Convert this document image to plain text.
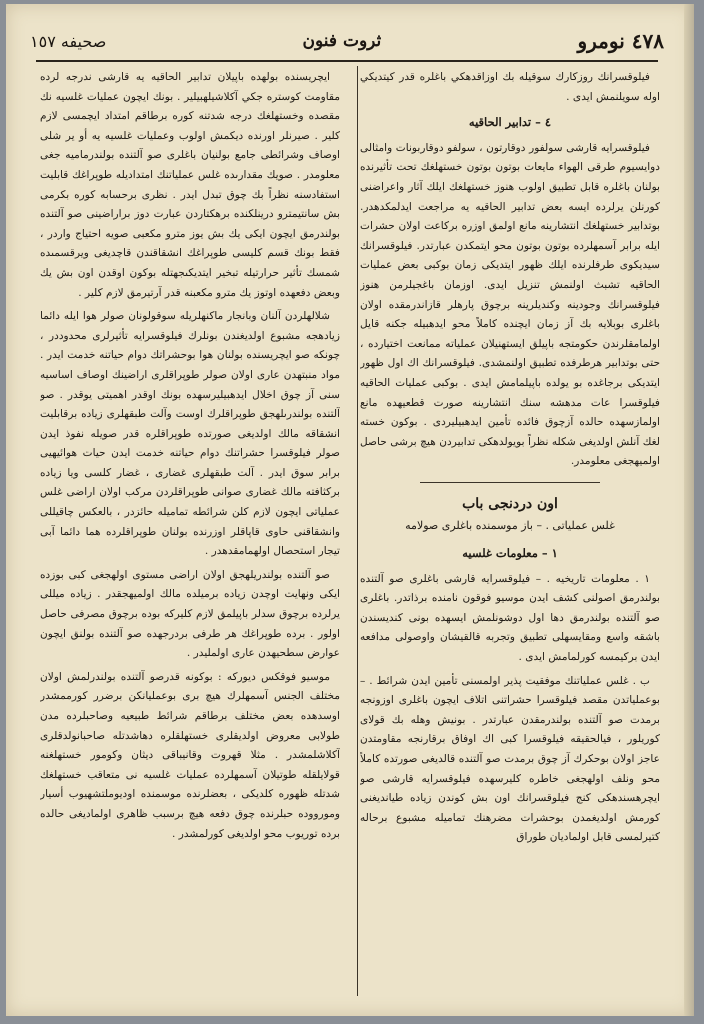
٤٧٨ نومرو
ثروت فنون
صحيفه ١٥٧

فيلوقسرانك روزكارك سوقيله بك اوزاقدهكي باغلره قدر كيتديكي اوله سويلنمش ايدى .

٤ – تدابير الحاقيه

فيلوقسرايه قارشى سولفور دوقارتون ، سولفو دوقاربونات وامثالى دوايسيوم طرقى الهواء مايعات بوتون بوتون خستهلغك تحت تأثيرنده بولنان باغلره قابل تطبيق اولوب هنوز خستهلغك ايلك آثار واعراضنى كورنلن يرلرده ايسه بعض تدابير الحاقيه يه مراجعت ايدلمكدهدر. بوتدابير خستهلغك انتشارينه مانع اولمق اوزره بركاعت اولان حشرات ايله برابر آسمهلرده بوتون بوتون محو ايتمكدن عبارتدر. فيلوقسرانك سيديكوى طرفلرنده ايلك ظهور ايتديكى زمان بوكبى بعض عمليات الحاقيه تشبث اولنمش تنزيل ايدى. اوزمان باغجيلرمن هنوز فيلوقسرانك وجودينه وكنديلرينه برچوق پارهلر قازاندرمقده اولان باغلرى بوبلايه بك آز زمان ايچنده كاملاً محو ايدهبيله جكنه قايل اولمامقلرندن حكومتجه باپيلق ايستهنيلان عملياته ممانعت اختيارده ، حتى بوتدابير هرطرفده تطبيق اولنمشدى. فيلوقسرانك اك اول ظهور ايتديكى برجاغده بو يولده باپيلمامش ايدى . بوكبى عمليات الحاقيه فيلوقسرا عات مدهشه سنك انتشارينه صورت قطعيهده مانع اولمازسهده حالده آزچوق فائده تأمين ايدهبيليردى . بوكون خسته لغك آنلش اولديغى شكله نظراً بويولدهكى تدابيردن هيچ برشى حاصل اولميهجغى معلومدر.

اون دردنجى باب
غلس عملياتى . – باز موسمنده باغلرى صولامه
١ – معلومات غلسيه

١ . معلومات تاريخيه . – فيلوقسرايه قارشى باغلرى صو آلتنده بولندرمق اصولنى كشف ايدن موسيو فوقون نامنده برذاتدر. باغلرى صو آلتنده بولندرمق دها اول دوشونلمش ايسهده بونى كنديسندن باشقه واسع ومقايسهلى تطبيق وتجربه قالقيشان واوصولى مدافعه ايدن بركيمسه كورلمامش ايدى .

ب . غلس عملياتنك موفقيت پذير اولمسنى تأمين ايدن شرائط . – بوعملياتدن مقصد فيلوقسرا حشراتنى اتلاف ايچون باغلرى اوزونجه برمدت صو آلتنده بولندرمقدن عبارتدر . بونيش وهله بك قولاى كوريلور ، فيالحقيقه فيلوقسرا كبى اك اوفاق برقارنجه مقاومتدن عاجز اولان بوحكرك آز چوق برمدت صو آلتنده قالديغى صورتده كاملاً محو ونلف اولهجغى خاطره كليرسهده فيلوقسرايه قارشى صو ايچرهسندهكى كنج فيلوقسرانك اون بش كوندن زياده طيانديغنى كورمش اولديغمدن بوحشرات مضرهنك تماميله مشبوع برحاله كتيرلمسى قابل اولماديان طوراق

ايچريسنده بولهده باپيلان تدابير الحاقيه يه قارشى ندرجه لرده مقاومت كوستره جكي آكلاشيلهبيلير . بونك ايچون عمليات غلسيه نك مقصده وخستهلغك درجه شدتنه كوره برطاقم امتداد ايچمسى لازم كلير . صيرنلر اورنده ديكمش اولوب وعمليات غلسيه يه أو ير شلى اوصاف وشرائطى جامع بولنيان باغلرى صو آلتنده بولندرماميه جغى معلومدر . صويك مقدارىده غلس عملياتنك امتداديله طوپراغك قابليت استفادسنه نظراً بك چوق تبدل ايدر . نظرى برحسابه كوره بكرمى بش سانتيمترو درينلكنده برهكتاردن عبارت دوز براراضينى صو آلتنده بولندرمق ايچون ايكى يك بش يوز مترو مكعبى صويه احتياج واردر ، فقط بونك قسم كليسى طوپراغك انشقاقندن قاچديغى ويرقسمىده شمسك تأثير حرارتيله تبخير ايتديكىجهتله بوكون اوقدن اون بش يك وبعض دفعهده اوتوز يك مترو مكعبنه قدر آرتيرمق لازم كلير .

شلالهلردن آلنان وبانجار ماكنهلريله سوقولونان صولر هوا ايله دائما زيادهجه مشبوع اولديغندن بونلرك فيلوقسرايه تأثيرلرى محدوددر ، چونكه صو ايچريسنده بولنان هوا بوحشراتك دوام حياتنه خدمت ايدر . مواد منبتهدن عارى اولان صولر طوپراقلرى اراضينك اوصاف اساسيه سنى آز چوق اخلال ايدهبيليرسهده بونك اوقدر اهميتى يوقدر . صو آلتنده بولندرىلهجق طوپراقلرك اوست وآلت طبقهلرى زياده برقابليت انشقاقه مالك اولديغى صورتده طوپراقلره قدر صويله نفوذ ايدن صولر فيلوقسرا حشراتنك دوام حياتنه خدمت ايدن حيات هوائيهيى برابر سوق ايدر . آلت طبقهلرى غضارى ، غضار كلسى ويا زياده بركثافته مالك غضارى صوانى طوپراقلردن مركب اولان اراضى غلس عملياتى ايچون لازم كلن شرائطه تماميله حائزدر ، بالعكس چاقيللى وانشقاقنى حاوى قاپاقلر اوزرنده بولنان طوپراقلرده هما دائما آبى تيجار استحصال اولهمامقدهدر .

صو آلتنده بولندريلهجق اولان اراضى مستوى اولهجغى كبى بوزده ايكى ونهايت اوچدن زياده برميلده مالك اولميهجقدر . زياده ميللى يرلرده برچوق سدلر باپيلمق لازم كليركه بوده برچوق مصرفى حاصل اولور . برده طوپراغك هر طرفى بردرجهده صو آلتنده بولنق ايچون عوارض سطحيهدن عارى اولمليدر .

موسيو فوقكس ديوركه : بوكونه قدرصو آلتنده بولندرلمش اولان مختلف الجنس آسمهلرك هيچ برى بوعمليانكن برضرر كورممشدر اوسدهده بعض مختلف برطاقم شرائط طبيعيه وصاحبلرده مدن طولابى معروض اولديقلرى خستهلقلره دهاشدتله صاحبانولدقلرى آكلاشلمشدر . مثلا قهروت وقانيباقى ديثان وكومور خستهلغنه قولايلقله طوتيلان آسمهلرده عمليات غلسيه نى متعاقب خستهلغك شدتله ظهوره كلديكى ، بعضلرنده موسمنده اوديوملتشهيوب أسيار ومورووده حبلرنده چوق دفعه هيچ برسبب ظاهرى اولماديغى حالده برده توريوب محو اولديغى كورلمشدر .
